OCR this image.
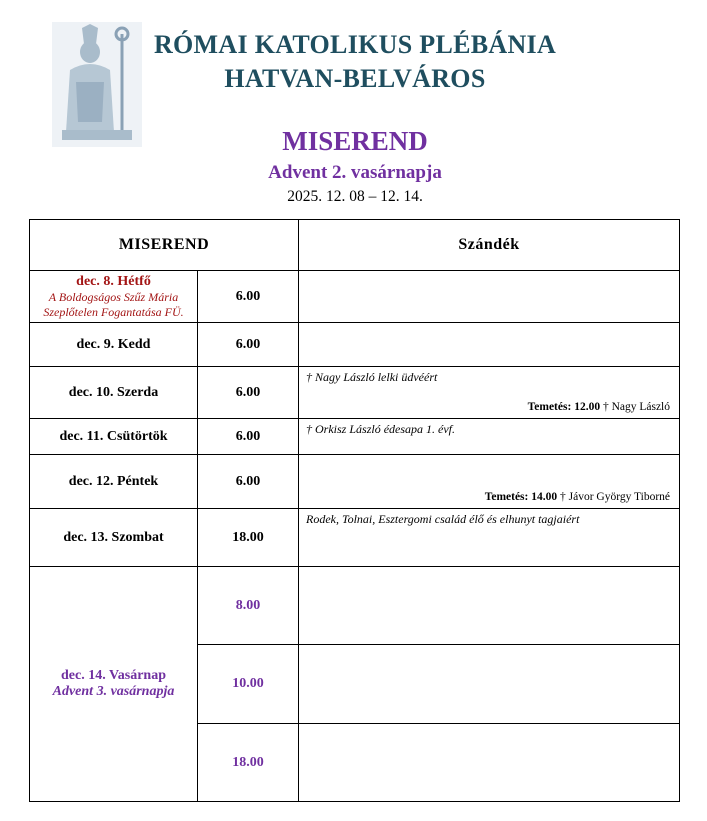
RÓMAI KATOLIKUS PLÉBÁNIA
HATVAN-BELVÁROS
MISEREND
Advent 2. vasárnapja
2025. 12. 08 – 12. 14.
MISEREND		Szándék

dec. 8. Hétfő
A Boldogságos Szűz Mária Szeplőtelen Fogantatása FÜ.	6.00	
dec. 9. Kedd	6.00	
dec. 10. Szerda	6.00	† Nagy László lelki üdvéért
Temetés: 12.00 † Nagy László

dec. 11. Csütörtök	6.00	† Orkisz László édesapa 1. évf.

dec. 12. Péntek	6.00	Temetés: 14.00 † Jávor György Tiborné

dec. 13. Szombat	18.00	Rodek, Tolnai, Esztergomi család élő és elhunyt tagjaiért

dec. 14. Vasárnap
Advent 3. vasárnapja	8.00	
	10.00	
	18.00	
